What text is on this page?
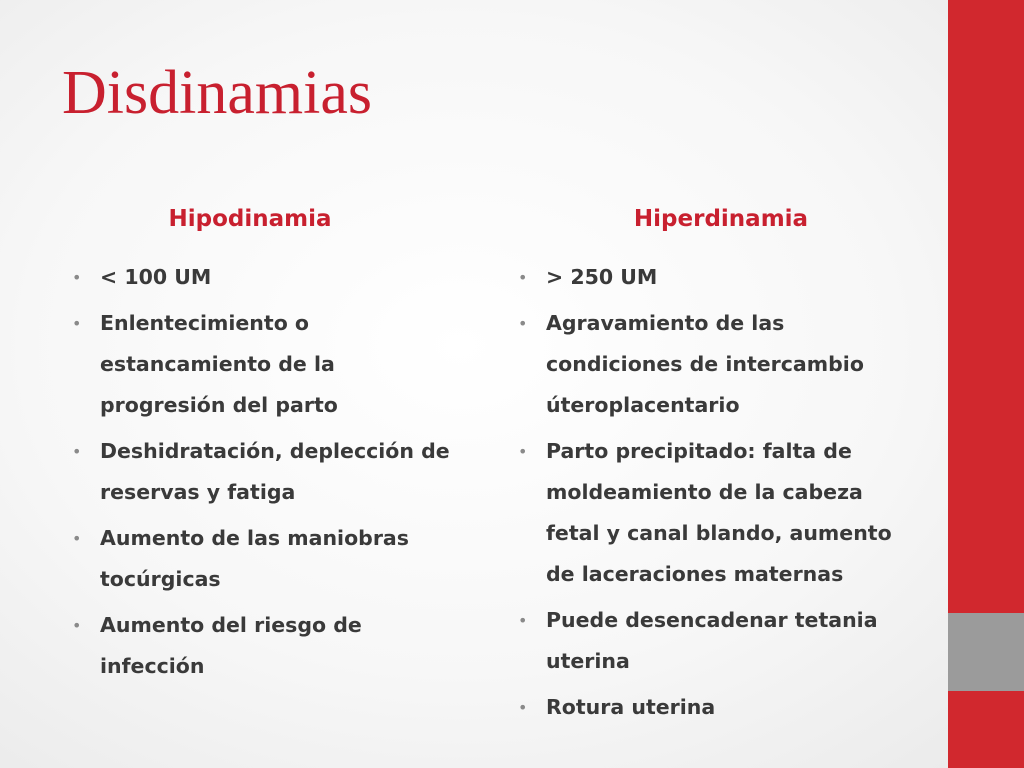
Disdinamias
Hipodinamia
• < 100 UM
• Enlentecimiento o estancamiento de la progresión del parto
• Deshidratación, deplección de reservas y fatiga
• Aumento de las maniobras tocúrgicas
• Aumento del riesgo de infección
Hiperdinamia
• > 250 UM
• Agravamiento de las condiciones de intercambio úteroplacentario
• Parto precipitado: falta de moldeamiento de la cabeza fetal y canal blando, aumento de laceraciones maternas
• Puede desencadenar tetania uterina
• Rotura uterina
